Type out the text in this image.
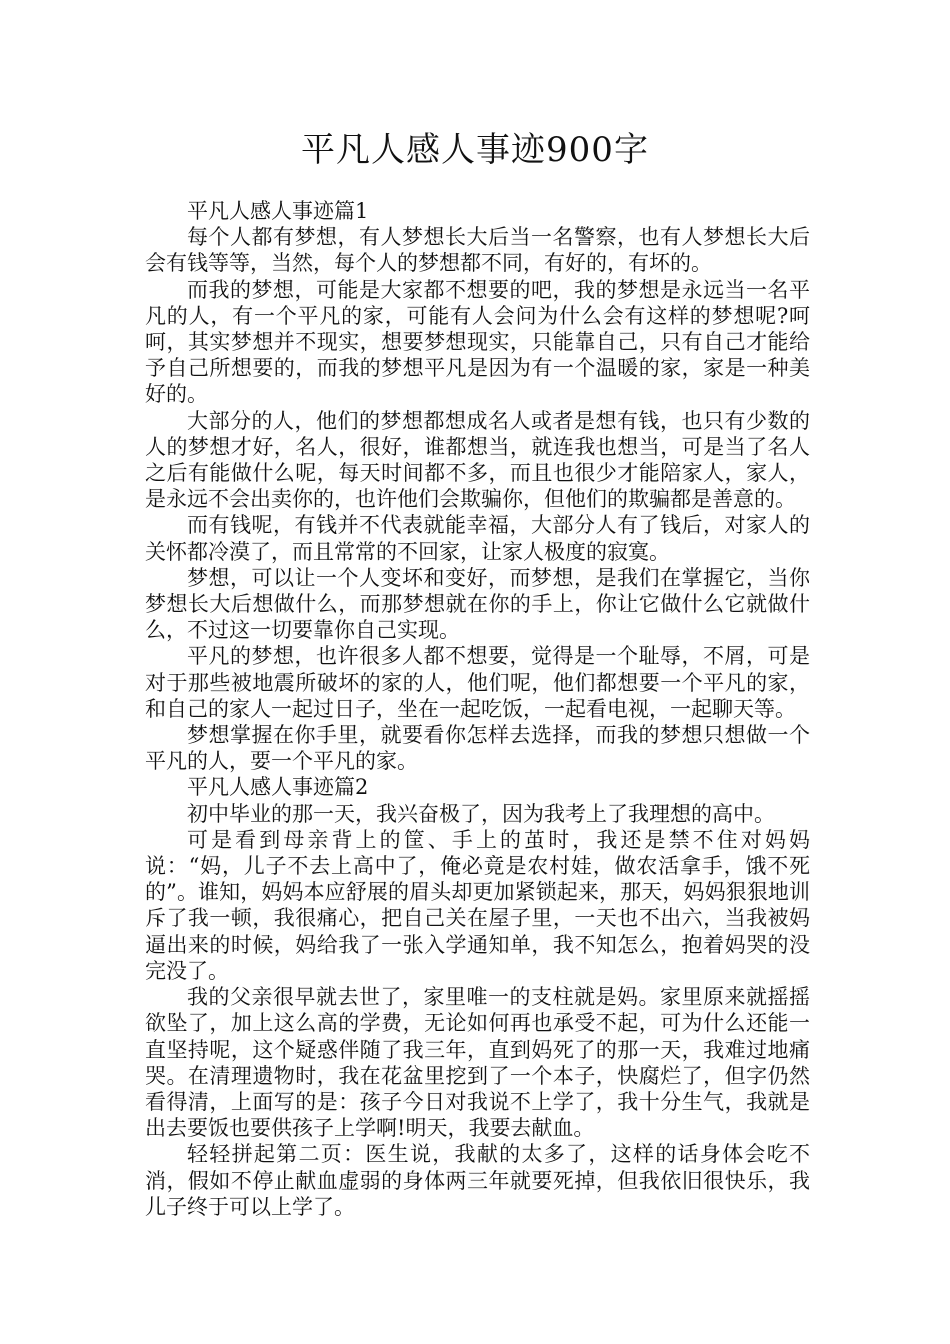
平凡人感人事迹900字

平凡人感人事迹篇1

每个人都有梦想，有人梦想长大后当一名警察，也有人梦想长大后会有钱等等，当然，每个人的梦想都不同，有好的，有坏的。

而我的梦想，可能是大家都不想要的吧，我的梦想是永远当一名平凡的人，有一个平凡的家，可能有人会问为什么会有这样的梦想呢?呵呵，其实梦想并不现实，想要梦想现实，只能靠自己，只有自己才能给予自己所想要的，而我的梦想平凡是因为有一个温暖的家，家是一种美好的。

大部分的人，他们的梦想都想成名人或者是想有钱，也只有少数的人的梦想才好，名人，很好，谁都想当，就连我也想当，可是当了名人之后有能做什么呢，每天时间都不多，而且也很少才能陪家人，家人，是永远不会出卖你的，也许他们会欺骗你，但他们的欺骗都是善意的。

而有钱呢，有钱并不代表就能幸福，大部分人有了钱后，对家人的关怀都冷漠了，而且常常的不回家，让家人极度的寂寞。

梦想，可以让一个人变坏和变好，而梦想，是我们在掌握它，当你梦想长大后想做什么，而那梦想就在你的手上，你让它做什么它就做什么，不过这一切要靠你自己实现。

平凡的梦想，也许很多人都不想要，觉得是一个耻辱，不屑，可是对于那些被地震所破坏的家的人，他们呢，他们都想要一个平凡的家，和自己的家人一起过日子，坐在一起吃饭，一起看电视，一起聊天等。

梦想掌握在你手里，就要看你怎样去选择，而我的梦想只想做一个平凡的人，要一个平凡的家。

平凡人感人事迹篇2

初中毕业的那一天，我兴奋极了，因为我考上了我理想的高中。

可是看到母亲背上的筐、手上的茧时，我还是禁不住对妈妈说：“妈，儿子不去上高中了，俺必竟是农村娃，做农活拿手，饿不死的”。谁知，妈妈本应舒展的眉头却更加紧锁起来，那天，妈妈狠狠地训斥了我一顿，我很痛心，把自己关在屋子里，一天也不出六，当我被妈逼出来的时候，妈给我了一张入学通知单，我不知怎么，抱着妈哭的没完没了。

我的父亲很早就去世了，家里唯一的支柱就是妈。家里原来就摇摇欲坠了，加上这么高的学费，无论如何再也承受不起，可为什么还能一直坚持呢，这个疑惑伴随了我三年，直到妈死了的那一天，我难过地痛哭。在清理遗物时，我在花盆里挖到了一个本子，快腐烂了，但字仍然看得清，上面写的是：孩子今日对我说不上学了，我十分生气，我就是出去要饭也要供孩子上学啊!明天，我要去献血。

轻轻拼起第二页：医生说，我献的太多了，这样的话身体会吃不消，假如不停止献血虚弱的身体两三年就要死掉，但我依旧很快乐，我儿子终于可以上学了。
